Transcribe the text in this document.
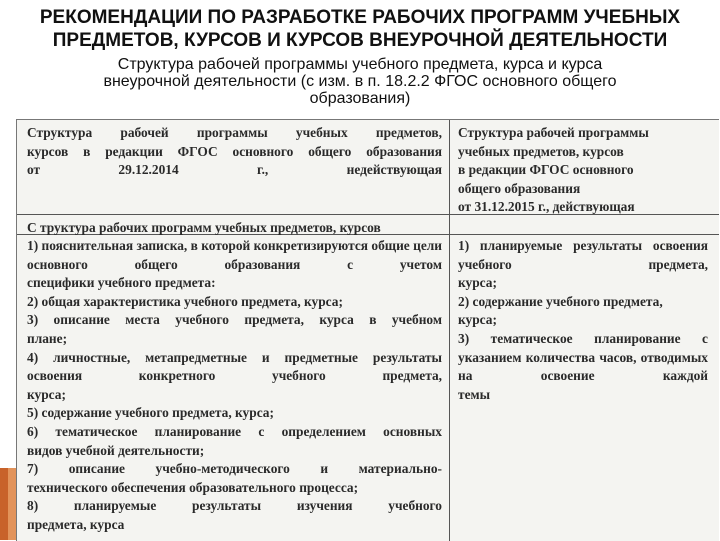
РЕКОМЕНДАЦИИ ПО РАЗРАБОТКЕ РАБОЧИХ ПРОГРАММ УЧЕБНЫХ
ПРЕДМЕТОВ, КУРСОВ И КУРСОВ ВНЕУРОЧНОЙ ДЕЯТЕЛЬНОСТИ
Структура рабочей программы учебного предмета, курса и курса
внеурочной деятельности (с изм. в п. 18.2.2 ФГОС основного общего
образования)
Структура рабочей программы учебных предметов,
курсов в редакции ФГОС основного общего образования
от 29.12.2014 г., недействующая
Структура рабочей программы
учебных предметов, курсов
в редакции ФГОС основного
общего образования
от 31.12.2015 г., действующая
С труктура рабочих программ учебных предметов, курсов
1) пояснительная записка, в которой конкретизируются общие цели основного общего образования с учетом
специфики учебного предмета:
2) общая характеристика учебного предмета, курса;
3) описание места учебного предмета, курса в учебном
плане;
4) личностные, метапредметные и предметные результаты освоения конкретного учебного предмета,
курса;
5) содержание учебного предмета, курса;
6) тематическое планирование с определением основных
видов учебной деятельности;
7) описание учебно-методического и материально-
технического обеспечения образовательного процесса;
8) планируемые результаты изучения учебного
предмета, курса
1) планируемые результаты освоения учебного предмета,
курса;
2) содержание учебного предмета,
курса;
3) тематическое планирование с указанием количества часов, отводимых на освоение каждой
темы
